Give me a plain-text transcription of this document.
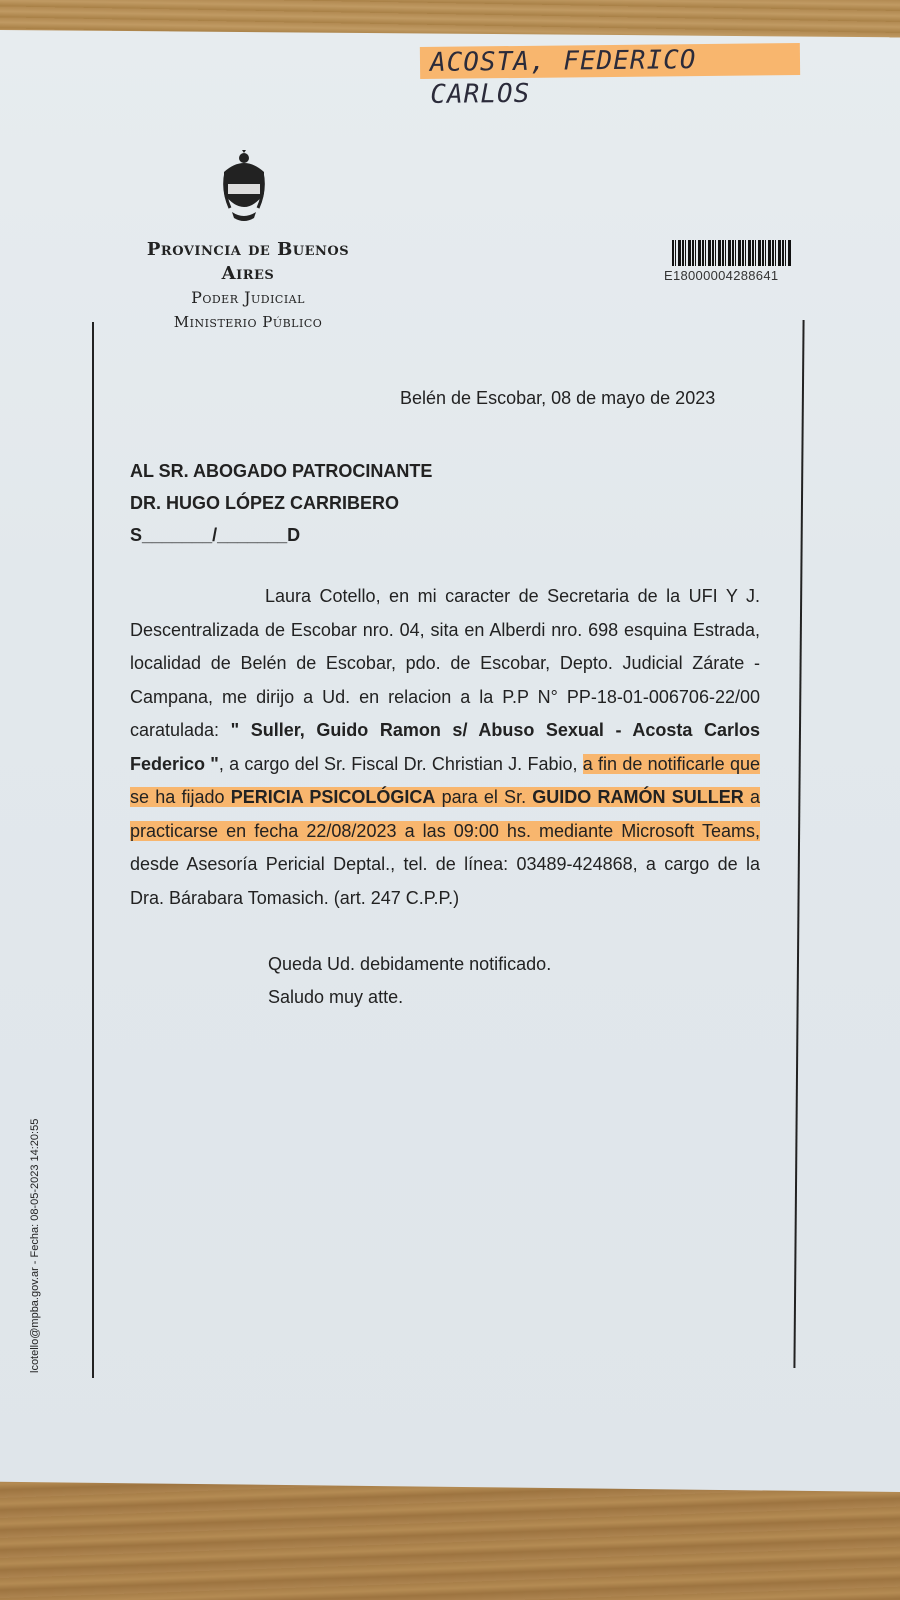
ACOSTA, FEDERICO CARLOS
Provincia de Buenos Aires
Poder Judicial
Ministerio Público
E18000004288641
Belén de Escobar, 08 de mayo de 2023
AL SR. ABOGADO PATROCINANTE
DR. HUGO LÓPEZ CARRIBERO
S_______/_______D
Laura Cotello, en mi caracter de Secretaria de la UFI Y J. Descentralizada de Escobar nro. 04, sita en Alberdi nro. 698 esquina Estrada, localidad de Belén de Escobar, pdo. de Escobar, Depto. Judicial Zárate - Campana, me dirijo a Ud. en relacion a la P.P N° PP-18-01-006706-22/00 caratulada: " Suller, Guido Ramon s/ Abuso Sexual - Acosta Carlos Federico ", a cargo del Sr. Fiscal Dr. Christian J. Fabio, a fin de notificarle que se ha fijado PERICIA PSICOLÓGICA para el Sr. GUIDO RAMÓN SULLER a practicarse en fecha 22/08/2023 a las 09:00 hs. mediante Microsoft Teams, desde Asesoría Pericial Deptal., tel. de línea: 03489-424868, a cargo de la Dra. Bárabara Tomasich. (art. 247 C.P.P.)
Queda Ud. debidamente notificado.
Saludo muy atte.
lcotello@mpba.gov.ar - Fecha: 08-05-2023 14:20:55
